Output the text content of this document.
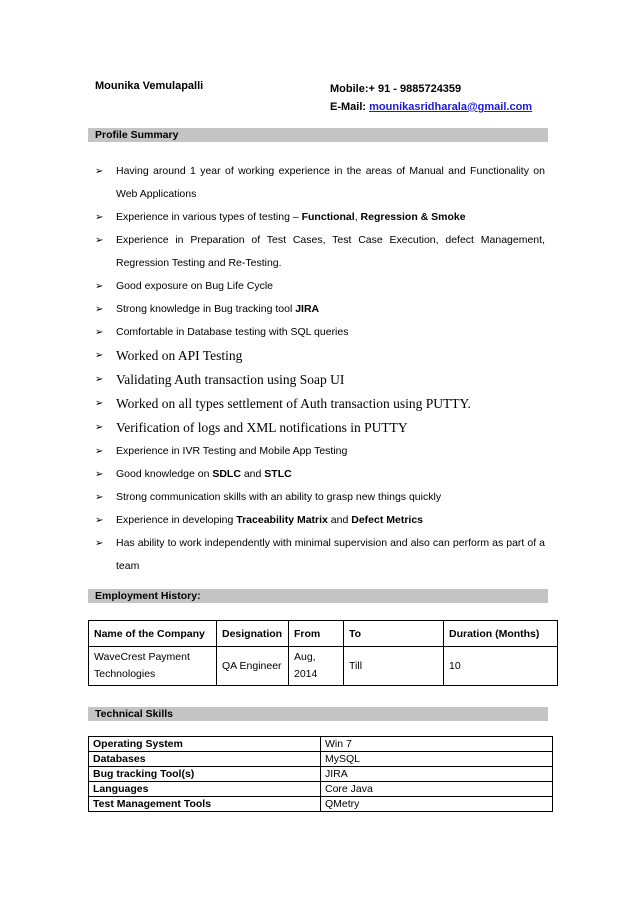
Mounika Vemulapalli	Mobile:+ 91 - 9885724359
E-Mail: mounikasridharala@gmail.com
Profile Summary
➢ Having around 1 year of working experience in the areas of Manual and Functionality on Web Applications
➢ Experience in various types of testing – Functional, Regression & Smoke
➢ Experience in Preparation of Test Cases, Test Case Execution, defect Management, Regression Testing and Re-Testing.
➢ Good exposure on Bug Life Cycle
➢ Strong knowledge in Bug tracking tool JIRA
➢ Comfortable in Database testing with SQL queries
➢ Worked on API Testing
➢ Validating Auth transaction using Soap UI
➢ Worked on all types settlement of Auth transaction using PUTTY.
➢ Verification of logs and XML notifications in PUTTY
➢ Experience in IVR Testing and Mobile App Testing
➢ Good knowledge on SDLC and STLC
➢ Strong communication skills with an ability to grasp new things quickly
➢ Experience in developing Traceability Matrix and Defect Metrics
➢ Has ability to work independently with minimal supervision and also can perform as part of a team
Employment History:
Name of the Company	Designation	From	To	Duration (Months)
WaveCrest Payment Technologies	QA Engineer	Aug, 2014	Till	10
Technical Skills
Operating System	Win 7
Databases	MySQL
Bug tracking Tool(s)	JIRA
Languages	Core Java
Test Management Tools	QMetry
